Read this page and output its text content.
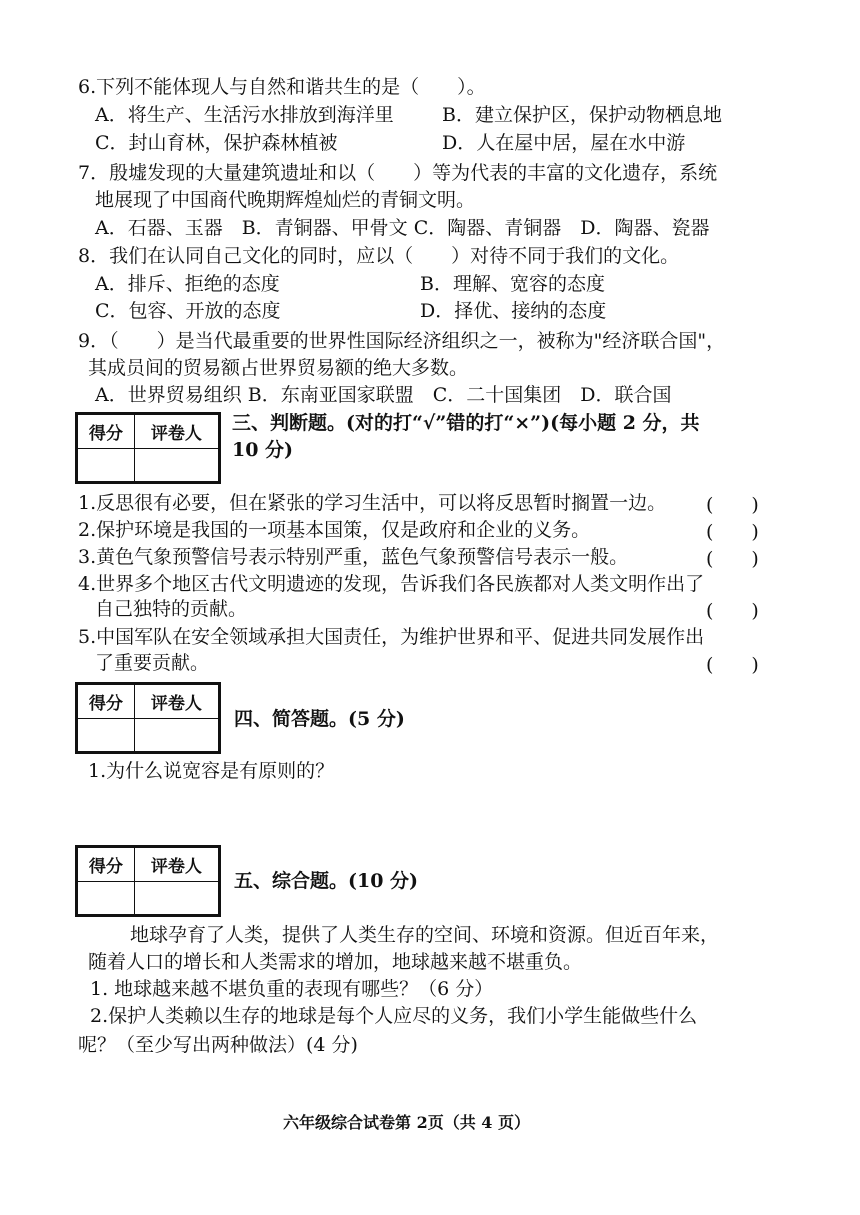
6.下列不能体现人与自然和谐共生的是（　　）。
A．将生产、生活污水排放到海洋里	B．建立保护区，保护动物栖息地
C．封山育林，保护森林植被	D．人在屋中居，屋在水中游
7．殷墟发现的大量建筑遗址和以（　　）等为代表的丰富的文化遗存，系统
地展现了中国商代晚期辉煌灿烂的青铜文明。
A．石器、玉器　B．青铜器、甲骨文 C．陶器、青铜器　D．陶器、瓷器
8．我们在认同自己文化的同时，应以（　　）对待不同于我们的文化。
A．排斥、拒绝的态度	B．理解、宽容的态度
C．包容、开放的态度	D．择优、接纳的态度
9．（　　）是当代最重要的世界性国际经济组织之一，被称为"经济联合国"，
其成员间的贸易额占世界贸易额的绝大多数。
A．世界贸易组织 B．东南亚国家联盟　C．二十国集团　D．联合国
得分	评卷人
	三、判断题。(对的打“√”错的打“×”)(每小题 2 分，共
10 分)
1.反思很有必要，但在紧张的学习生活中，可以将反思暂时搁置一边。 (　　)
2.保护环境是我国的一项基本国策，仅是政府和企业的义务。	(　　)
3.黄色气象预警信号表示特别严重，蓝色气象预警信号表示一般。	(　　)
4.世界多个地区古代文明遗迹的发现，告诉我们各民族都对人类文明作出了
自己独特的贡献。	(　　)
5.中国军队在安全领域承担大国责任，为维护世界和平、促进共同发展作出
了重要贡献。	(　　)
得分	评卷人

四、简答题。(5 分)
1.为什么说宽容是有原则的？
得分	评卷人

五、综合题。(10 分)
地球孕育了人类，提供了人类生存的空间、环境和资源。但近百年来，
随着人口的增长和人类需求的增加，地球越来越不堪重负。
1. 地球越来越不堪负重的表现有哪些？（6 分）
2.保护人类赖以生存的地球是每个人应尽的义务，我们小学生能做些什么
呢？（至少写出两种做法）(4 分)
六年级综合试卷第 2页（共 4 页）
